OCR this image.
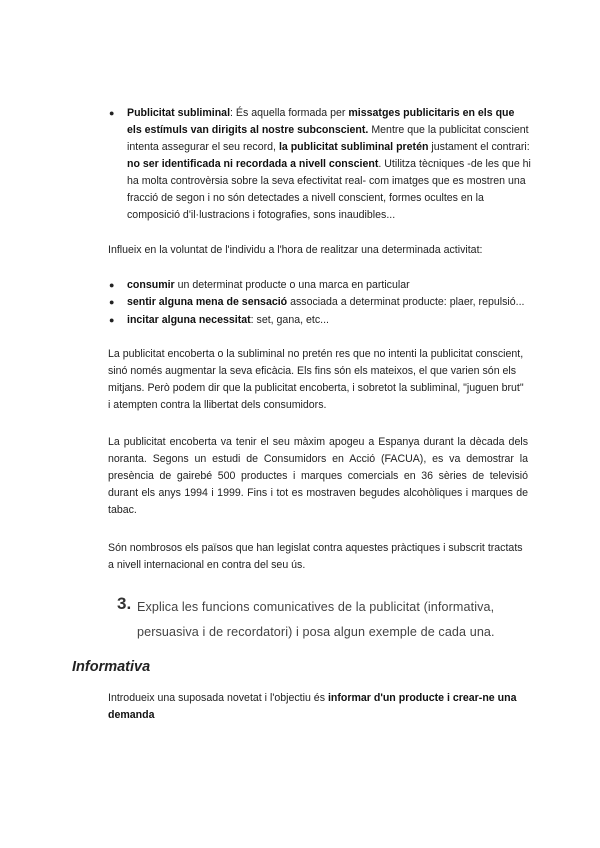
● Publicitat subliminal: És aquella formada per missatges publicitaris en els que els estímuls van dirigits al nostre subconscient. Mentre que la publicitat conscient intenta assegurar el seu record, la publicitat subliminal pretén justament el contrari: no ser identificada ni recordada a nivell conscient. Utilitza tècniques -de les que hi ha molta controvèrsia sobre la seva efectivitat real- com imatges que es mostren una fracció de segon i no són detectades a nivell conscient, formes ocultes en la composició d'il·lustracions i fotografies, sons inaudibles...

Influeix en la voluntat de l'individu a l'hora de realitzar una determinada activitat:

● consumir un determinat producte o una marca en particular

● sentir alguna mena de sensació associada a determinat producte: plaer, repulsió...

● incitar alguna necessitat: set, gana, etc...

La publicitat encoberta o la subliminal no pretén res que no intenti la publicitat conscient, sinó només augmentar la seva eficàcia. Els fins són els mateixos, el que varien són els mitjans. Però podem dir que la publicitat encoberta, i sobretot la subliminal, "juguen brut" i atempten contra la llibertat dels consumidors.

La publicitat encoberta va tenir el seu màxim apogeu a Espanya durant la dècada dels noranta. Segons un estudi de Consumidors en Acció (FACUA), es va demostrar la presència de gairebé 500 productes i marques comercials en 36 sèries de televisió durant els anys 1994 i 1999. Fins i tot es mostraven begudes alcohòliques i marques de tabac.

Són nombrosos els països que han legislat contra aquestes pràctiques i subscrit tractats a nivell internacional en contra del seu ús.

3. Explica les funcions comunicatives de la publicitat (informativa,
persuasiva i de recordatori) i posa algun exemple de cada una.
Informativa

Introdueix una suposada novetat i l'objectiu és informar d'un producte i crear-ne una demanda
